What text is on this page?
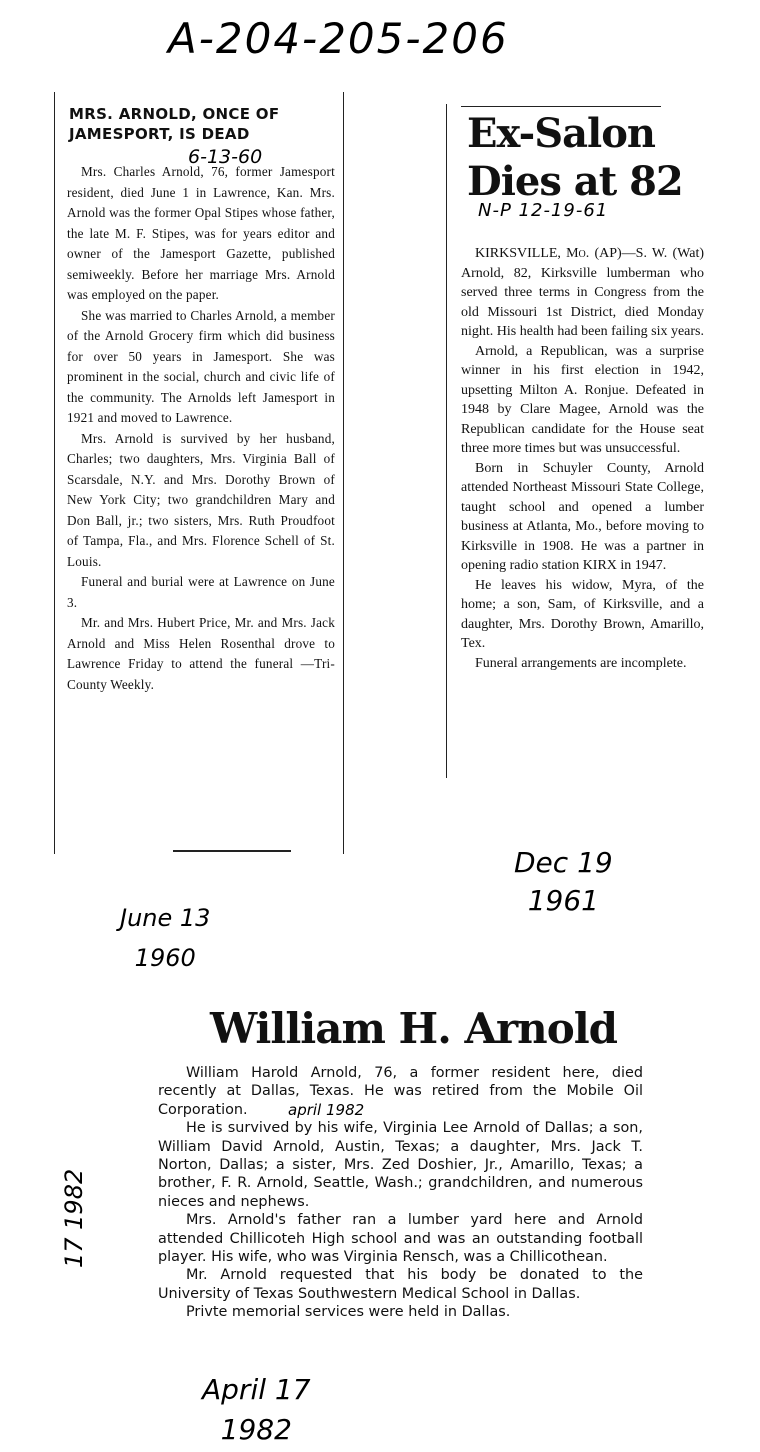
A-204-205-206
MRS. ARNOLD, ONCE OF JAMESPORT, IS DEAD

Mrs. Charles Arnold, 76, former Jamesport resident, died June 1 in Lawrence, Kan. Mrs. Arnold was the former Opal Stipes whose father, the late M. F. Stipes, was for years editor and owner of the Jamesport Gazette, published semiweekly. Before her marriage Mrs. Arnold was employed on the paper.

She was married to Charles Arnold, a member of the Arnold Grocery firm which did business for over 50 years in Jamesport. She was prominent in the social, church and civic life of the community. The Arnolds left Jamesport in 1921 and moved to Lawrence.

Mrs. Arnold is survived by her husband, Charles; two daughters, Mrs. Virginia Ball of Scarsdale, N.Y. and Mrs. Dorothy Brown of New York City; two grandchildren Mary and Don Ball, jr.; two sisters, Mrs. Ruth Proudfoot of Tampa, Fla., and Mrs. Florence Schell of St. Louis.

Funeral and burial were at Lawrence on June 3.

Mr. and Mrs. Hubert Price, Mr. and Mrs. Jack Arnold and Miss Helen Rosenthal drove to Lawrence Friday to attend the funeral —Tri-County Weekly.

6-13-60	Ex-Salon
Dies at 82

KIRKSVILLE, Mo. (AP)—S. W. (Wat) Arnold, 82, Kirksville lumberman who served three terms in Congress from the old Missouri 1st District, died Monday night. His health had been failing six years.

Arnold, a Republican, was a surprise winner in his first election in 1942, upsetting Milton A. Ronjue. Defeated in 1948 by Clare Magee, Arnold was the Republican candidate for the House seat three more times but was unsuccessful.

Born in Schuyler County, Arnold attended Northeast Missouri State College, taught school and opened a lumber business at Atlanta, Mo., before moving to Kirksville in 1908. He was a partner in opening radio station KIRX in 1947.

He leaves his widow, Myra, of the home; a son, Sam, of Kirksville, and a daughter, Mrs. Dorothy Brown, Amarillo, Tex.

Funeral arrangements are incomplete.

N-P 12-19-61
Dec 19
1961
June 13
1960
William H. Arnold

William Harold Arnold, 76, a former resident here, died recently at Dallas, Texas. He was retired from the Mobile Oil Corporation.

He is survived by his wife, Virginia Lee Arnold of Dallas; a son, William David Arnold, Austin, Texas; a daughter, Mrs. Jack T. Norton, Dallas; a sister, Mrs. Zed Doshier, Jr., Amarillo, Texas; a brother, F. R. Arnold, Seattle, Wash.; grandchildren, and numerous nieces and nephews.

Mrs. Arnold's father ran a lumber yard here and Arnold attended Chillicoteh High school and was an outstanding football player. His wife, who was Virginia Rensch, was a Chillicothean.

Mr. Arnold requested that his body be donated to the University of Texas Southwestern Medical School in Dallas.

Privte memorial services were held in Dallas.

april 1982
17 1982
April 17
1982
